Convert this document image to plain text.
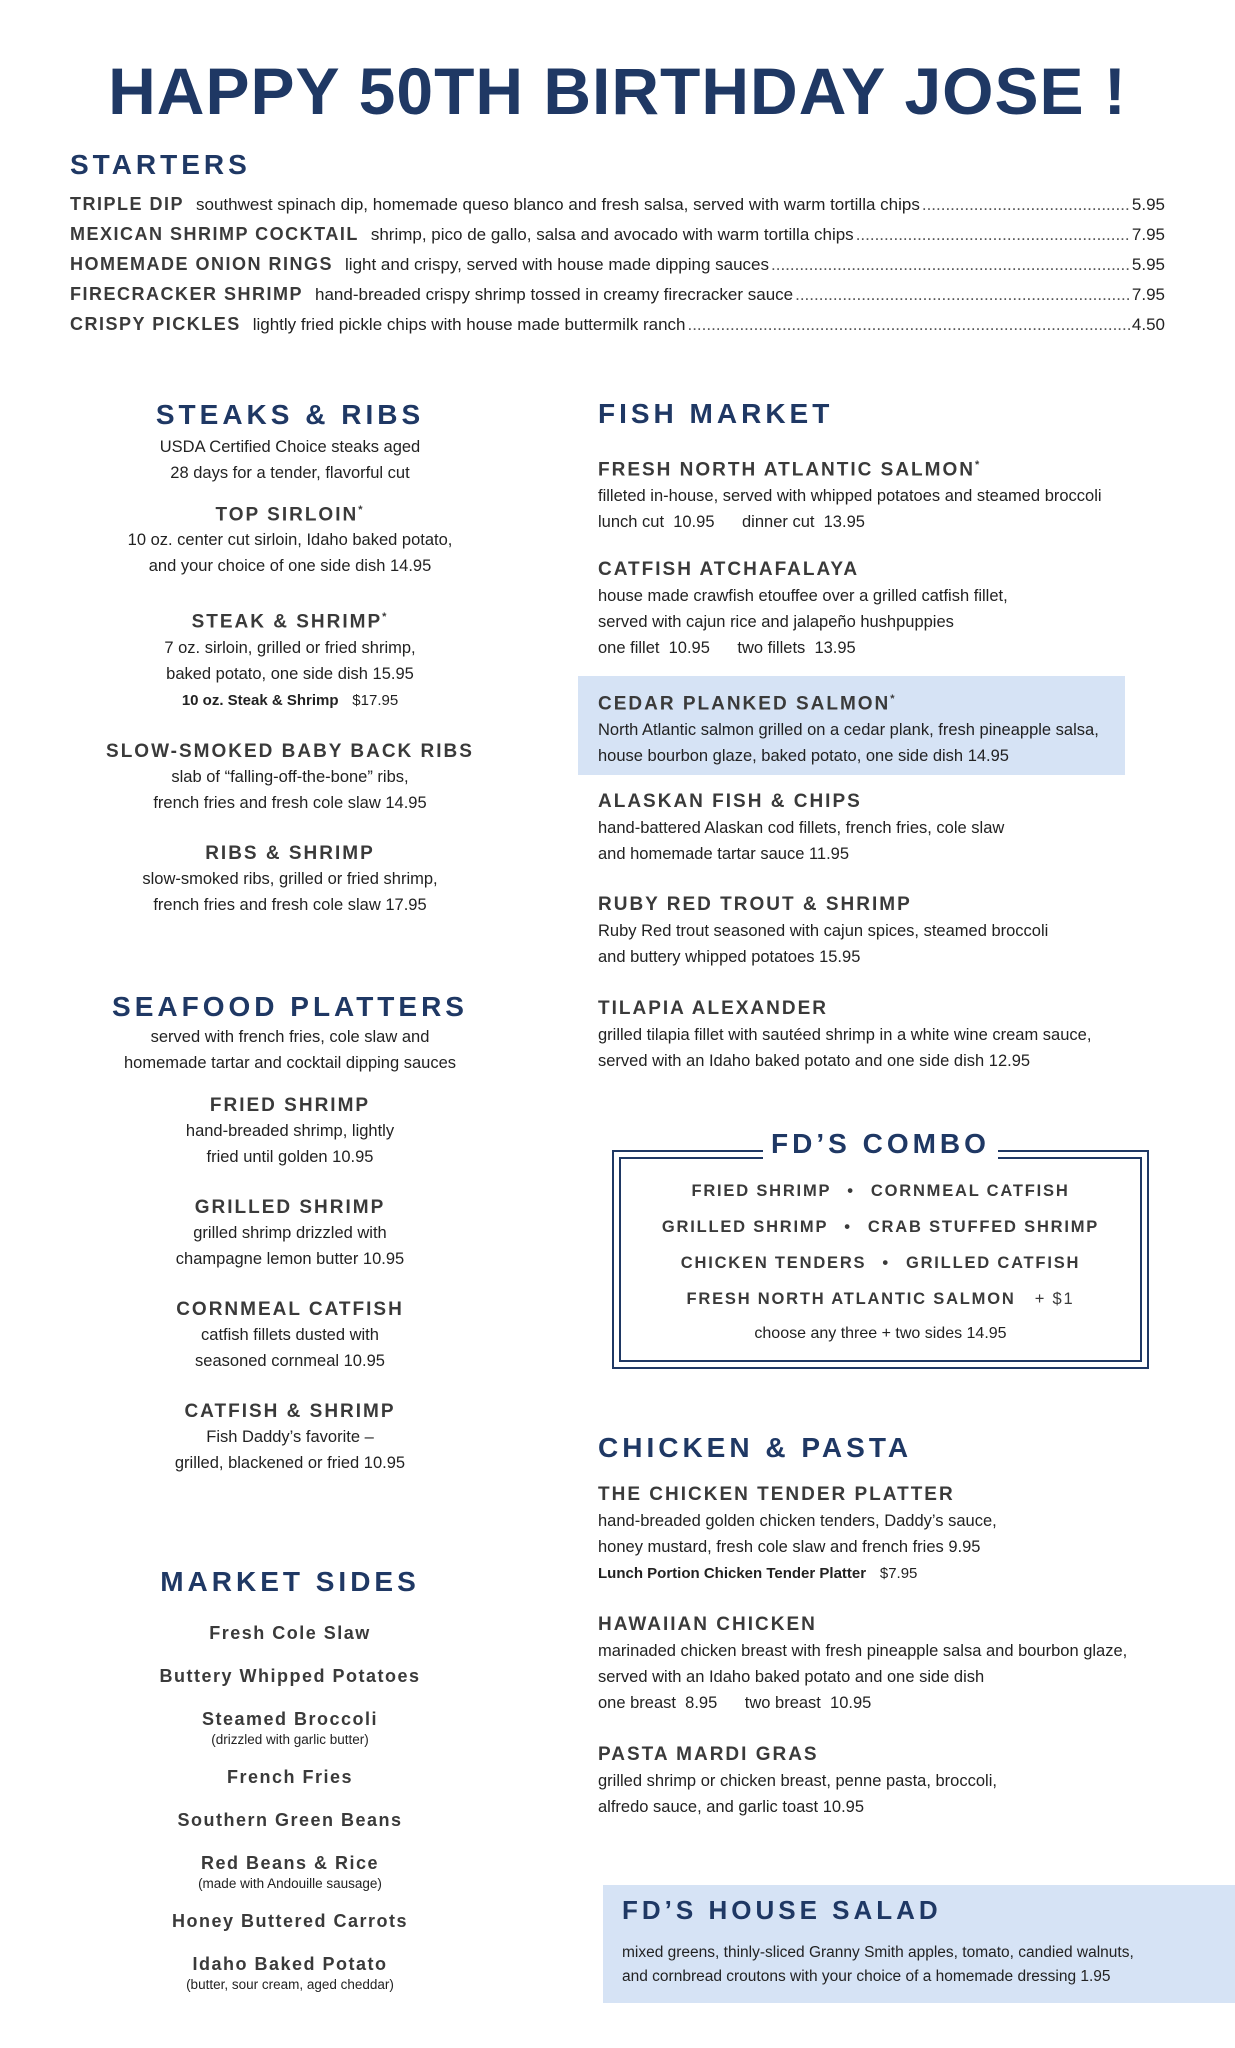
HAPPY 50TH BIRTHDAY JOSE !
STARTERS
TRIPLE DIP southwest spinach dip, homemade queso blanco and fresh salsa, served with warm tortilla chips .....	5.95
MEXICAN SHRIMP COCKTAIL shrimp, pico de gallo, salsa and avocado with warm tortilla chips .....	7.95
HOMEMADE ONION RINGS light and crispy, served with house made dipping sauces .....	5.95
FIRECRACKER SHRIMP hand-breaded crispy shrimp tossed in creamy firecracker sauce .....	7.95
CRISPY PICKLES lightly fried pickle chips with house made buttermilk ranch .....	4.50
STEAKS & RIBS
USDA Certified Choice steaks aged
28 days for a tender, flavorful cut
TOP SIRLOIN*
10 oz. center cut sirloin, Idaho baked potato,
and your choice of one side dish 14.95
STEAK & SHRIMP*
7 oz. sirloin, grilled or fried shrimp,
baked potato, one side dish 15.95
10 oz. Steak & Shrimp $17.95
SLOW-SMOKED BABY BACK RIBS
slab of “falling-off-the-bone” ribs,
french fries and fresh cole slaw 14.95
RIBS & SHRIMP
slow-smoked ribs, grilled or fried shrimp,
french fries and fresh cole slaw 17.95
SEAFOOD PLATTERS
served with french fries, cole slaw and
homemade tartar and cocktail dipping sauces
FRIED SHRIMP
hand-breaded shrimp, lightly
fried until golden 10.95
GRILLED SHRIMP
grilled shrimp drizzled with
champagne lemon butter 10.95
CORNMEAL CATFISH
catfish fillets dusted with
seasoned cornmeal 10.95
CATFISH & SHRIMP
Fish Daddy’s favorite –
grilled, blackened or fried 10.95
MARKET SIDES
Fresh Cole Slaw
Buttery Whipped Potatoes
Steamed Broccoli
(drizzled with garlic butter)
French Fries
Southern Green Beans
Red Beans & Rice
(made with Andouille sausage)
Honey Buttered Carrots
Idaho Baked Potato
(butter, sour cream, aged cheddar)
FISH MARKET
FRESH NORTH ATLANTIC SALMON*
filleted in-house, served with whipped potatoes and steamed broccoli
lunch cut  10.95      dinner cut  13.95
CATFISH ATCHAFALAYA
house made crawfish etouffee over a grilled catfish fillet,
served with cajun rice and jalapeño hushpuppies
one fillet  10.95      two fillets  13.95
CEDAR PLANKED SALMON*
North Atlantic salmon grilled on a cedar plank, fresh pineapple salsa,
house bourbon glaze, baked potato, one side dish 14.95
ALASKAN FISH & CHIPS
hand-battered Alaskan cod fillets, french fries, cole slaw
and homemade tartar sauce 11.95
RUBY RED TROUT & SHRIMP
Ruby Red trout seasoned with cajun spices, steamed broccoli
and buttery whipped potatoes 15.95
TILAPIA ALEXANDER
grilled tilapia fillet with sautéed shrimp in a white wine cream sauce,
served with an Idaho baked potato and one side dish 12.95
FD’S COMBO
FRIED SHRIMP • CORNMEAL CATFISH
GRILLED SHRIMP • CRAB STUFFED SHRIMP
CHICKEN TENDERS • GRILLED CATFISH
FRESH NORTH ATLANTIC SALMON + $1
choose any three + two sides 14.95
CHICKEN & PASTA
THE CHICKEN TENDER PLATTER
hand-breaded golden chicken tenders, Daddy’s sauce,
honey mustard, fresh cole slaw and french fries 9.95
Lunch Portion Chicken Tender Platter $7.95
HAWAIIAN CHICKEN
marinaded chicken breast with fresh pineapple salsa and bourbon glaze,
served with an Idaho baked potato and one side dish
one breast  8.95      two breast  10.95
PASTA MARDI GRAS
grilled shrimp or chicken breast, penne pasta, broccoli,
alfredo sauce, and garlic toast 10.95
FD’S HOUSE SALAD
mixed greens, thinly-sliced Granny Smith apples, tomato, candied walnuts,
and cornbread croutons with your choice of a homemade dressing 1.95
